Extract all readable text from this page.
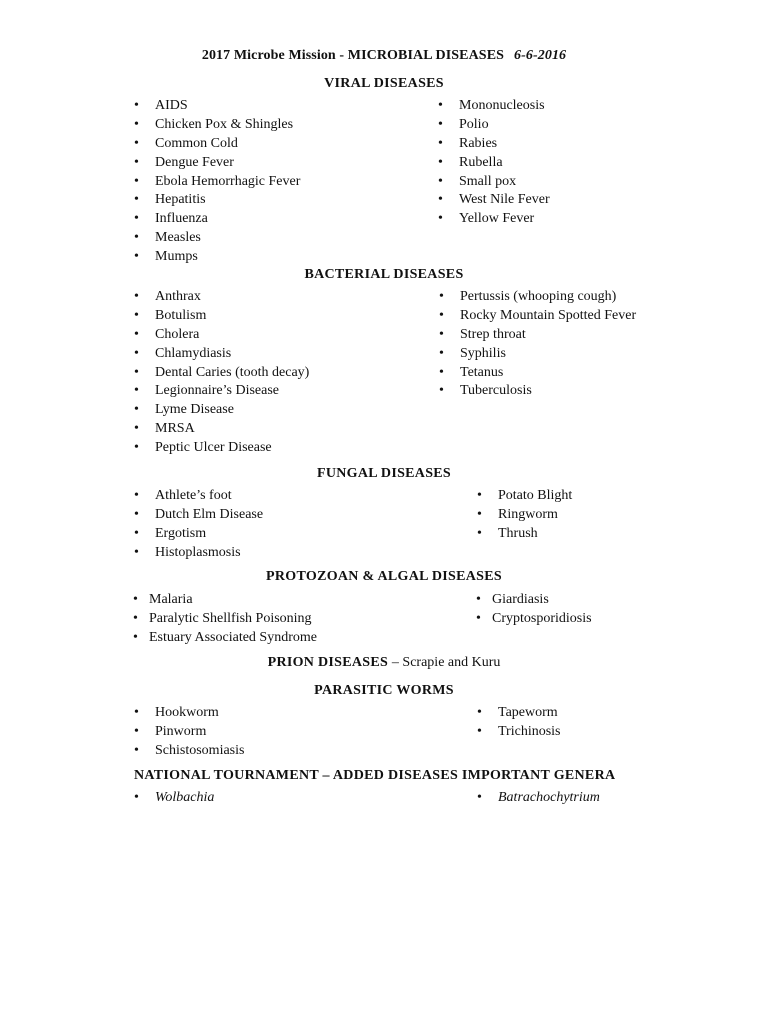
2017 Microbe Mission - MICROBIAL DISEASES 6-6-2016
VIRAL DISEASES
• AIDS
• Chicken Pox & Shingles
• Common Cold
• Dengue Fever
• Ebola Hemorrhagic Fever
• Hepatitis
• Influenza
• Measles
• Mumps
• Mononucleosis
• Polio
• Rabies
• Rubella
• Small pox
• West Nile Fever
• Yellow Fever
BACTERIAL DISEASES
• Anthrax
• Botulism
• Cholera
• Chlamydiasis
• Dental Caries (tooth decay)
• Legionnaire’s Disease
• Lyme Disease
• MRSA
• Peptic Ulcer Disease
• Pertussis (whooping cough)
• Rocky Mountain Spotted Fever
• Strep throat
• Syphilis
• Tetanus
• Tuberculosis
FUNGAL DISEASES
• Athlete’s foot
• Dutch Elm Disease
• Ergotism
• Histoplasmosis
• Potato Blight
• Ringworm
• Thrush
PROTOZOAN & ALGAL DISEASES
• Malaria
• Paralytic Shellfish Poisoning
• Estuary Associated Syndrome
• Giardiasis
• Cryptosporidiosis
PRION DISEASES – Scrapie and Kuru
PARASITIC WORMS
• Hookworm
• Pinworm
• Schistosomiasis
• Tapeworm
• Trichinosis
NATIONAL TOURNAMENT – ADDED DISEASES IMPORTANT GENERA
• Wolbachia
•	Batrachochytrium
